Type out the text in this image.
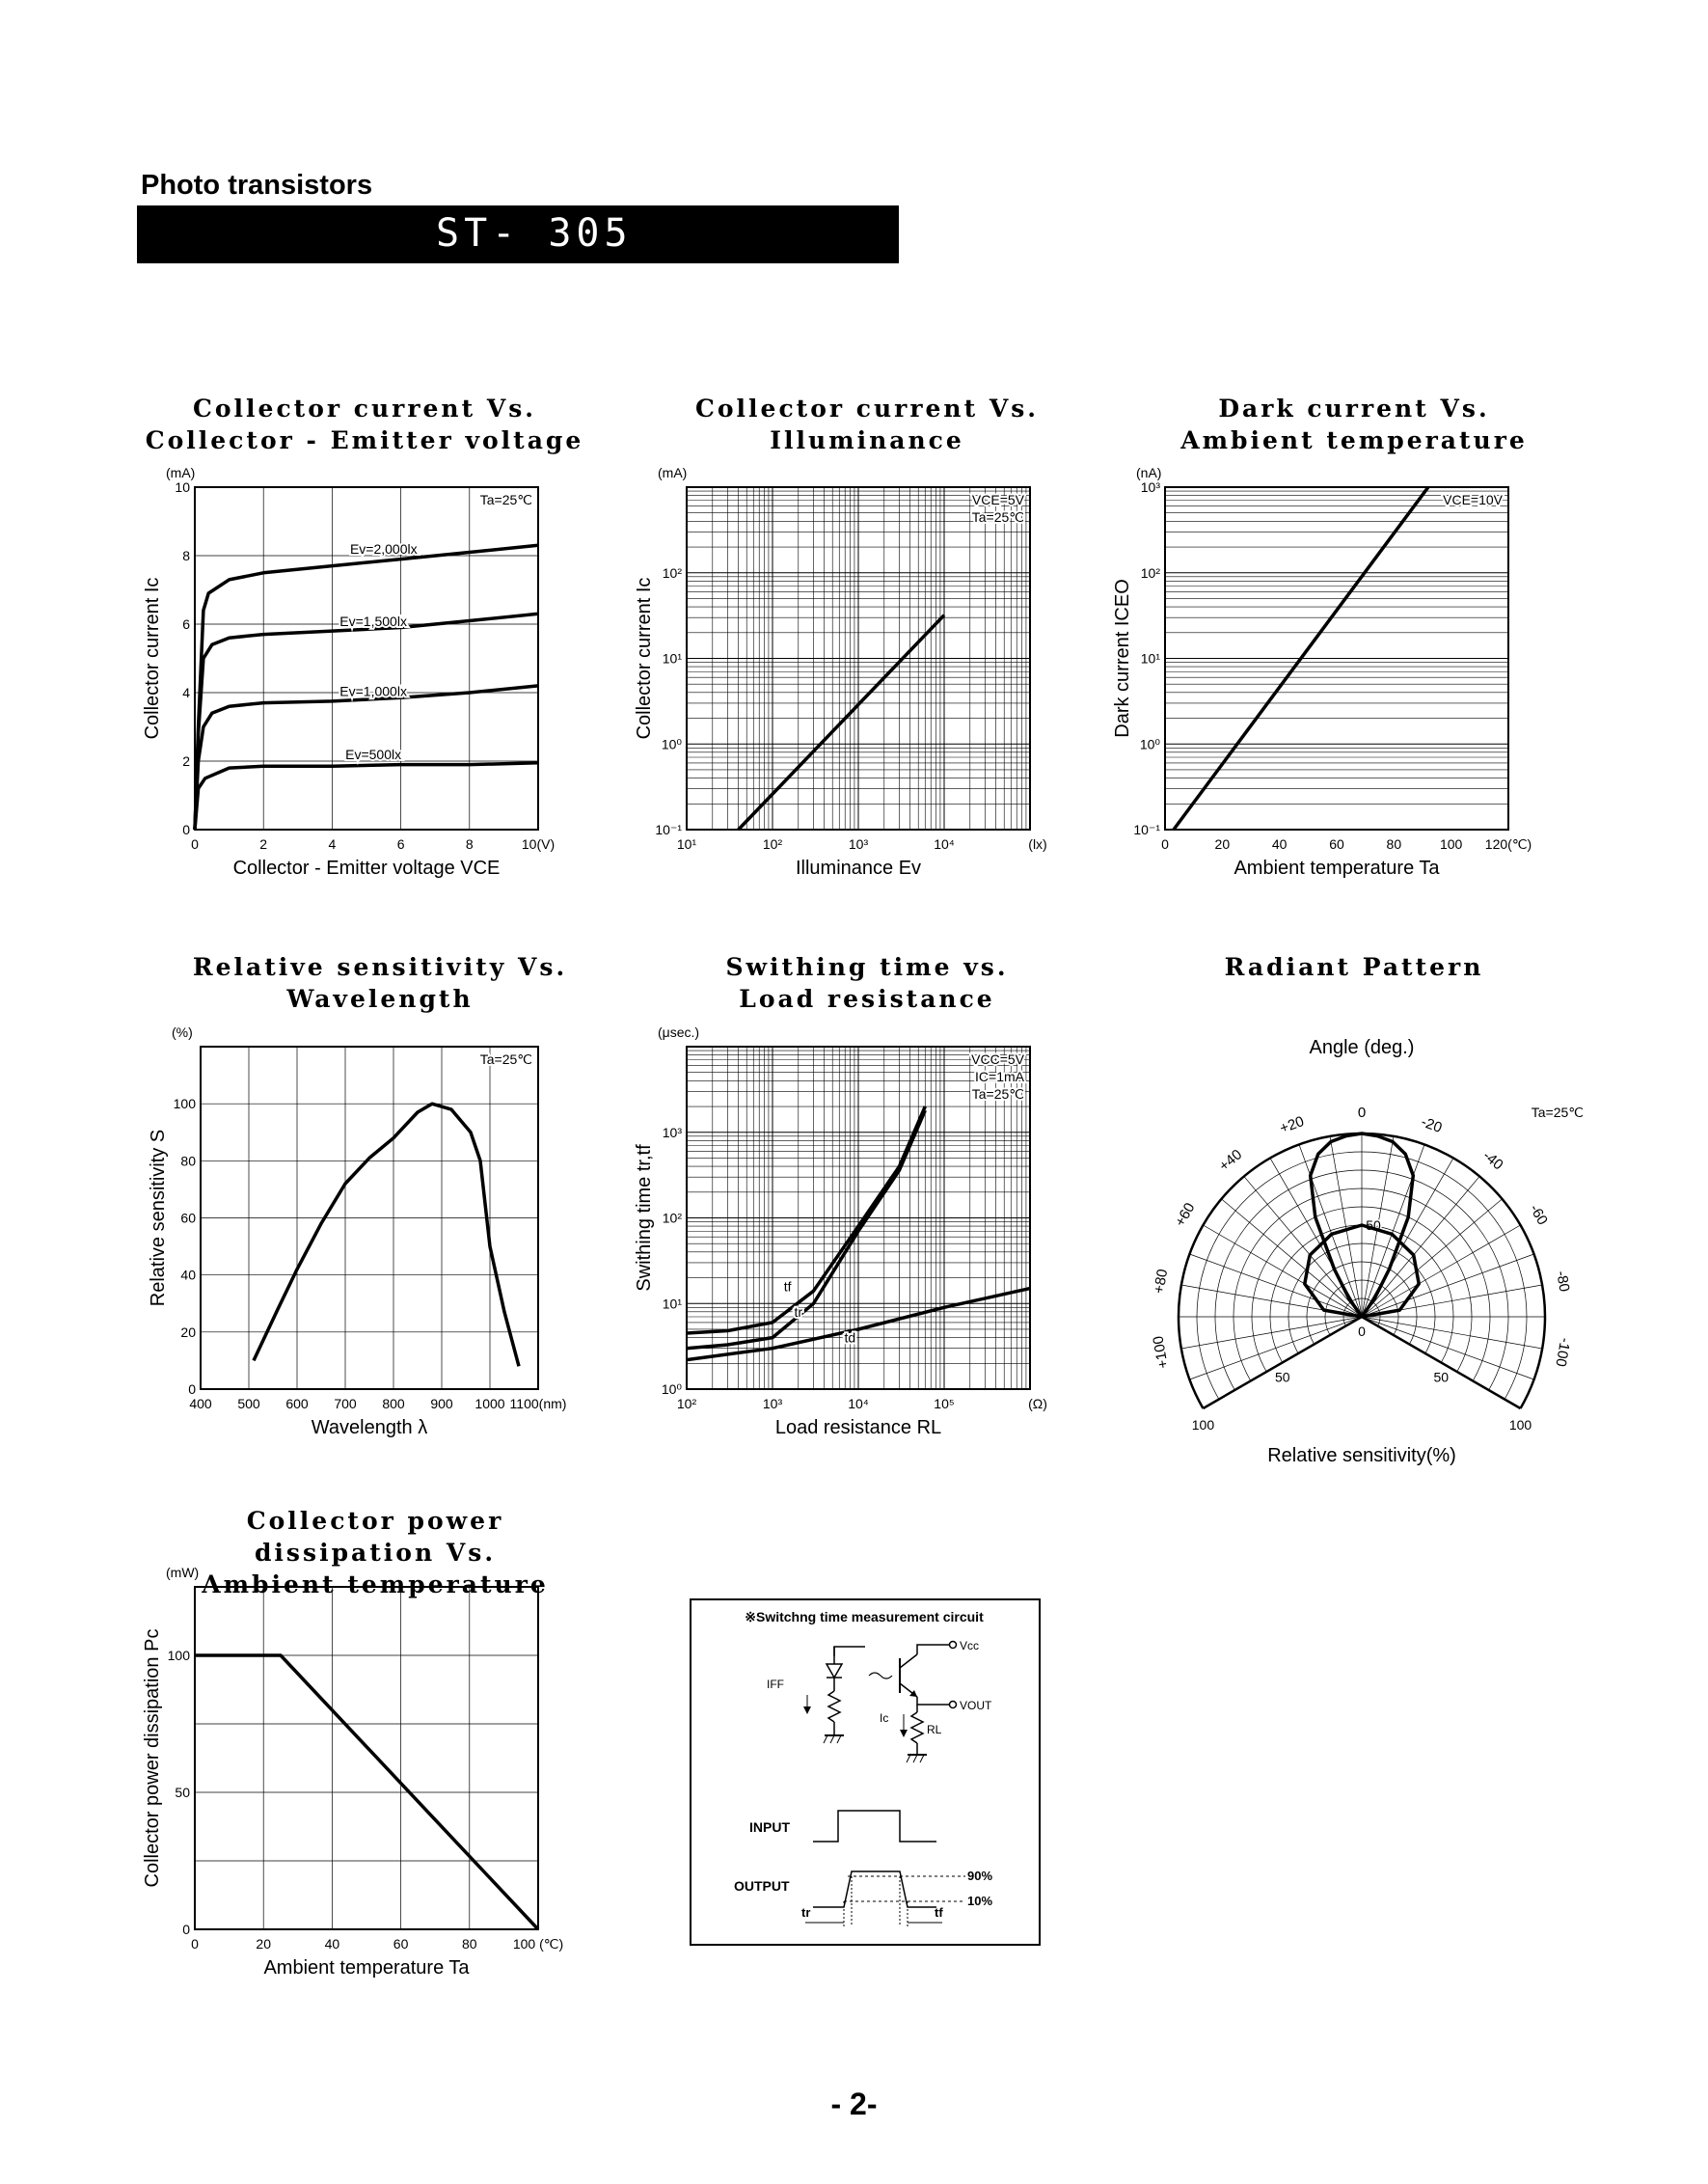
Photo transistors
ST- 305
Collector current Vs.
Collector - Emitter voltage
Collector current Vs.
Illuminance
Dark current Vs.
Ambient temperature
Relative sensitivity Vs.
Wavelength
Swithing time vs.
Load resistance
Radiant Pattern
Collector power dissipation Vs.
Ambient temperature
0	2	4	6	8	10(V)
0
2
4
6
8
10
(mA)
Collector - Emitter voltage VCE
Collector current Ic
Ta=25℃
Ev=2,000lx
Ev=1,500lx
Ev=1,000lx
Ev=500lx
10¹	10²	10³	10⁴
10⁻¹
10⁰
10¹
10²
(lx)
(mA)
Illuminance Ev
Collector current Ic
VCE=5V
Ta=25℃
0	20	40	60	80	100 120(℃)
10⁻¹
10⁰
10¹
10²
10³
(nA)
Ambient temperature Ta
Dark current ICEO
VCE=10V
400 500 600 700 800 900 1000 1100(nm)
0
20
40
60
80
100
(%)
Wavelength λ
Relative sensitivity S
Ta=25℃
10²	10³	10⁴	10⁵
10⁰
10¹
10²
10³
(Ω)
(μsec.)
Load resistance RL
Swithing time tr,tf
VCC=5V
IC=1mA
Ta=25℃
tf
tr
td
Angle (deg.)
Ta=25℃
0
-20
-40
-60
-80
-100
+20
+40
+60
+80
+100
0
50	50
100	100
50
Relative sensitivity(%)
0	20	40	60	80	100 (℃)
0
50
100
(mW)
Ambient temperature Ta
Collector power dissipation Pc
※Switchng time measurement circuit
IFF
Vcc
VOUT
RL
Ic
INPUT
OUTPUT
90%
10%
tr	tf
- 2-
